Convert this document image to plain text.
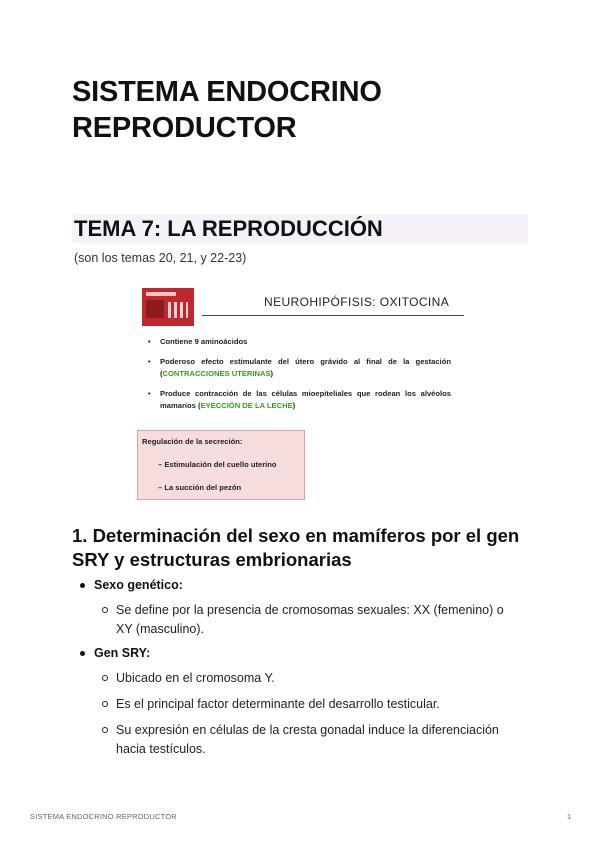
SISTEMA ENDOCRINO REPRODUCTOR
TEMA 7: LA REPRODUCCIÓN
(son los temas 20, 21, y 22-23)
NEUROHIPÓFISIS: OXITOCINA
• Contiene 9 aminoácidos
• Poderoso efecto estimulante del útero grávido al final de la gestación (CONTRACCIONES UTERINAS)
• Produce contracción de las células mioepiteliales que rodean los alvéolos mamarios (EYECCIÓN DE LA LECHE)
Regulación de la secreción:
– Estimulación del cuello uterino
– La succión del pezón
1. Determinación del sexo en mamíferos por el gen SRY y estructuras embrionarias
Sexo genético:
Se define por la presencia de cromosomas sexuales: XX (femenino) o XY (masculino).
Gen SRY:
Ubicado en el cromosoma Y.
Es el principal factor determinante del desarrollo testicular.
Su expresión en células de la cresta gonadal induce la diferenciación hacia testículos.
SISTEMA ENDOCRINO REPRODUCTOR	1
